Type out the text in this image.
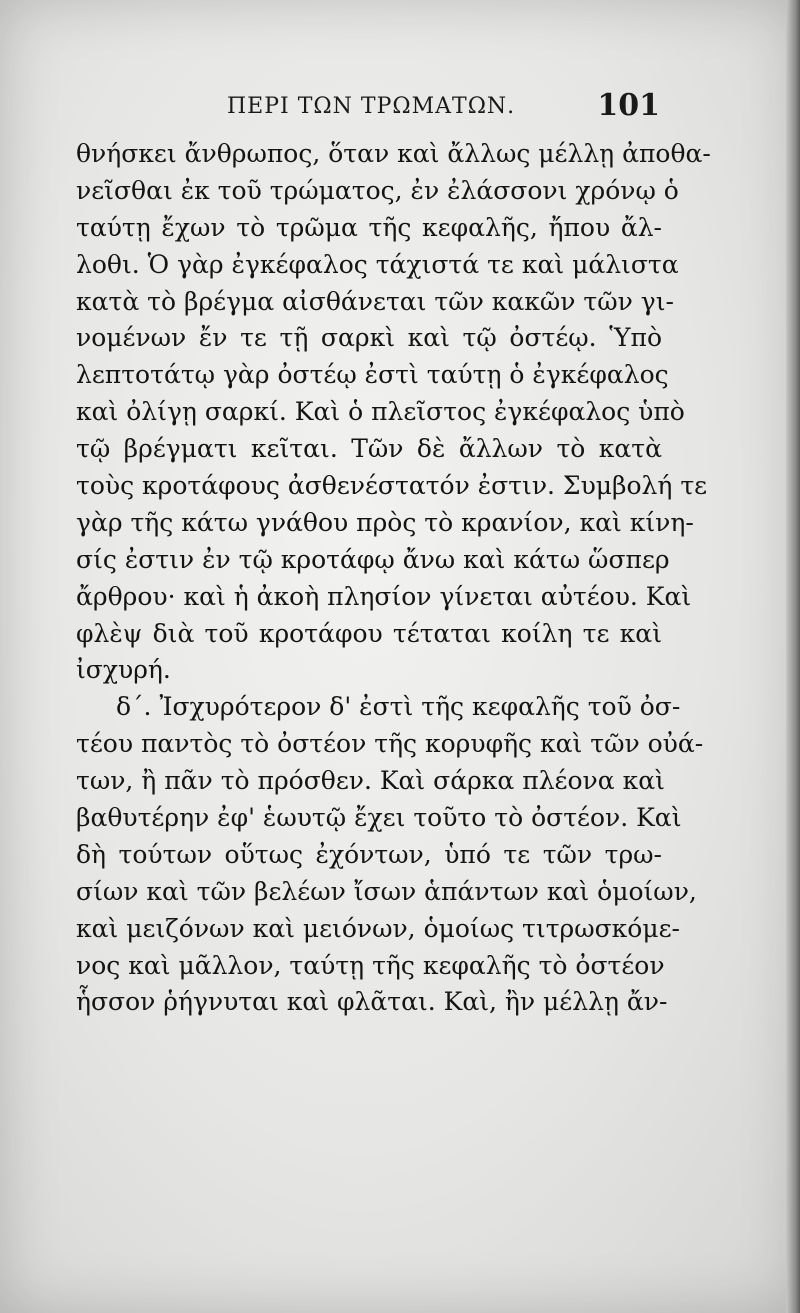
ΠΕΡΙ ΤΩΝ ΤΡΩΜΑΤΩΝ.	101
θνήσκει ἄνθρωπος, ὅταν καὶ ἄλλως μέλλῃ ἀποθα-
νεῖσθαι ἐκ τοῦ τρώματος, ἐν ἐλάσσονι χρόνῳ ὁ
ταύτῃ ἔχων τὸ τρῶμα τῆς κεφαλῆς, ἤπου ἄλ-
λοθι. Ὁ γὰρ ἐγκέφαλος τάχιστά τε καὶ μάλιστα
κατὰ τὸ βρέγμα αἰσθάνεται τῶν κακῶν τῶν γι-
νομένων ἔν τε τῇ σαρκὶ καὶ τῷ ὀστέῳ. Ὑπὸ
λεπτοτάτῳ γὰρ ὀστέῳ ἐστὶ ταύτῃ ὁ ἐγκέφαλος
καὶ ὀλίγῃ σαρκί. Καὶ ὁ πλεῖστος ἐγκέφαλος ὑπὸ
τῷ βρέγματι κεῖται. Τῶν δὲ ἄλλων τὸ κατὰ
τοὺς κροτάφους ἀσθενέστατόν ἐστιν. Συμβολή τε
γὰρ τῆς κάτω γνάθου πρὸς τὸ κρανίον, καὶ κίνη-
σίς ἐστιν ἐν τῷ κροτάφῳ ἄνω καὶ κάτω ὥσπερ
ἄρθρου· καὶ ἡ ἀκοὴ πλησίον γίνεται αὐτέου. Καὶ
φλὲψ διὰ τοῦ κροτάφου τέταται κοίλη τε καὶ
ἰσχυρή.
δ΄. Ἰσχυρότερον δ' ἐστὶ τῆς κεφαλῆς τοῦ ὀσ-
τέου παντὸς τὸ ὀστέον τῆς κορυφῆς καὶ τῶν οὐά-
των, ἢ πᾶν τὸ πρόσθεν. Καὶ σάρκα πλέονα καὶ
βαθυτέρην ἐφ' ἑωυτῷ ἔχει τοῦτο τὸ ὀστέον. Καὶ
δὴ τούτων οὕτως ἐχόντων, ὑπό τε τῶν τρω-
σίων καὶ τῶν βελέων ἴσων ἁπάντων καὶ ὁμοίων,
καὶ μειζόνων καὶ μειόνων, ὁμοίως τιτρωσκόμε-
νος καὶ μᾶλλον, ταύτῃ τῆς κεφαλῆς τὸ ὀστέον
ἧσσον ῥήγνυται καὶ φλᾶται. Καὶ, ἢν μέλλῃ ἄν-
